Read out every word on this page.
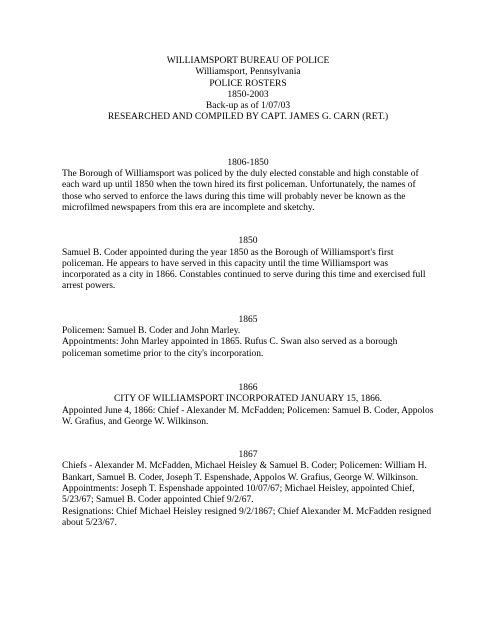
WILLIAMSPORT BUREAU OF POLICE

Williamsport, Pennsylvania

POLICE ROSTERS

1850-2003

Back-up as of 1/07/03

RESEARCHED AND COMPILED BY CAPT. JAMES G. CARN (RET.)

1806-1850

The Borough of Williamsport was policed by the duly elected constable and high constable of each ward up until 1850 when the town hired its first policeman. Unfortunately, the names of those who served to enforce the laws during this time will probably never be known as the microfilmed newspapers from this era are incomplete and sketchy.

1850

Samuel B. Coder appointed during the year 1850 as the Borough of Williamsport's first policeman. He appears to have served in this capacity until the time Williamsport was incorporated as a city in 1866. Constables continued to serve during this time and exercised full arrest powers.

1865

Policemen: Samuel B. Coder and John Marley.

Appointments: John Marley appointed in 1865. Rufus C. Swan also served as a borough policeman sometime prior to the city's incorporation.

1866

CITY OF WILLIAMSPORT INCORPORATED JANUARY 15, 1866.

Appointed June 4, 1866: Chief - Alexander M. McFadden; Policemen: Samuel B. Coder, Appolos W. Grafius, and George W. Wilkinson.

1867

Chiefs - Alexander M. McFadden, Michael Heisley & Samuel B. Coder; Policemen: William H. Bankart, Samuel B. Coder, Joseph T. Espenshade, Appolos W. Grafius, George W. Wilkinson.

Appointments: Joseph T. Espenshade appointed 10/07/67; Michael Heisley, appointed Chief, 5/23/67; Samuel B. Coder appointed Chief 9/2/67.

Resignations: Chief Michael Heisley resigned 9/2/1867; Chief Alexander M. McFadden resigned about 5/23/67.
